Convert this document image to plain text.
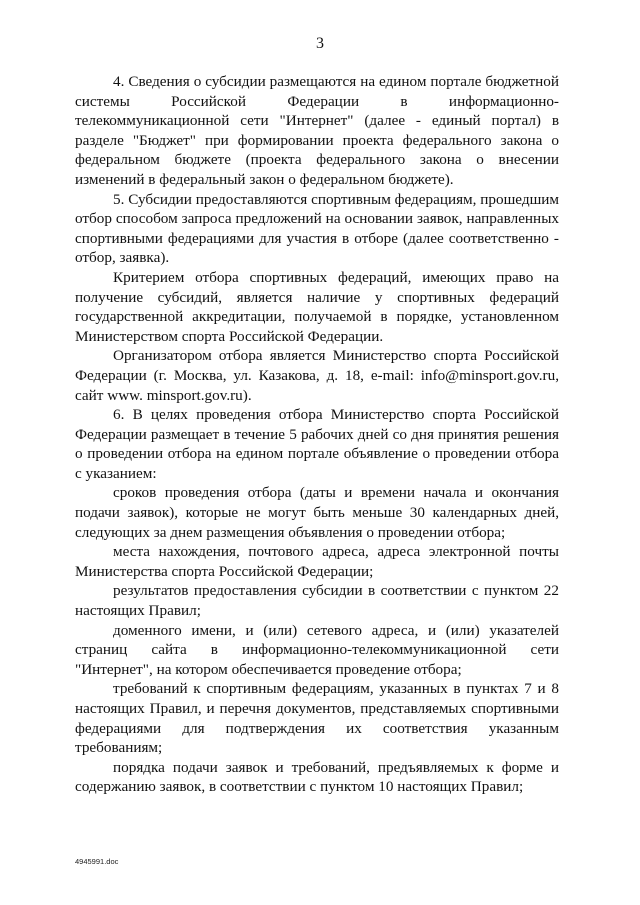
3

4. Сведения о субсидии размещаются на едином портале бюджетной системы Российской Федерации в информационно-телекоммуникационной сети "Интернет" (далее - единый портал) в разделе "Бюджет" при формировании проекта федерального закона о федеральном бюджете (проекта федерального закона о внесении изменений в федеральный закон о федеральном бюджете).

5. Субсидии предоставляются спортивным федерациям, прошедшим отбор способом запроса предложений на основании заявок, направленных спортивными федерациями для участия в отборе (далее соответственно - отбор, заявка).

Критерием отбора спортивных федераций, имеющих право на получение субсидий, является наличие у спортивных федераций государственной аккредитации, получаемой в порядке, установленном Министерством спорта Российской Федерации.

Организатором отбора является Министерство спорта Российской Федерации (г. Москва, ул. Казакова, д. 18, e-mail: info@minsport.gov.ru, сайт www. minsport.gov.ru).

6. В целях проведения отбора Министерство спорта Российской Федерации размещает в течение 5 рабочих дней со дня принятия решения о проведении отбора на едином портале объявление о проведении отбора с указанием:

сроков проведения отбора (даты и времени начала и окончания подачи заявок), которые не могут быть меньше 30 календарных дней, следующих за днем размещения объявления о проведении отбора;

места нахождения, почтового адреса, адреса электронной почты Министерства спорта Российской Федерации;

результатов предоставления субсидии в соответствии с пунктом 22 настоящих Правил;

доменного имени, и (или) сетевого адреса, и (или) указателей страниц сайта в информационно-телекоммуникационной сети "Интернет", на котором обеспечивается проведение отбора;

требований к спортивным федерациям, указанных в пунктах 7 и 8 настоящих Правил, и перечня документов, представляемых спортивными федерациями для подтверждения их соответствия указанным требованиям;

порядка подачи заявок и требований, предъявляемых к форме и содержанию заявок, в соответствии с пунктом 10 настоящих Правил;

4945991.doc
